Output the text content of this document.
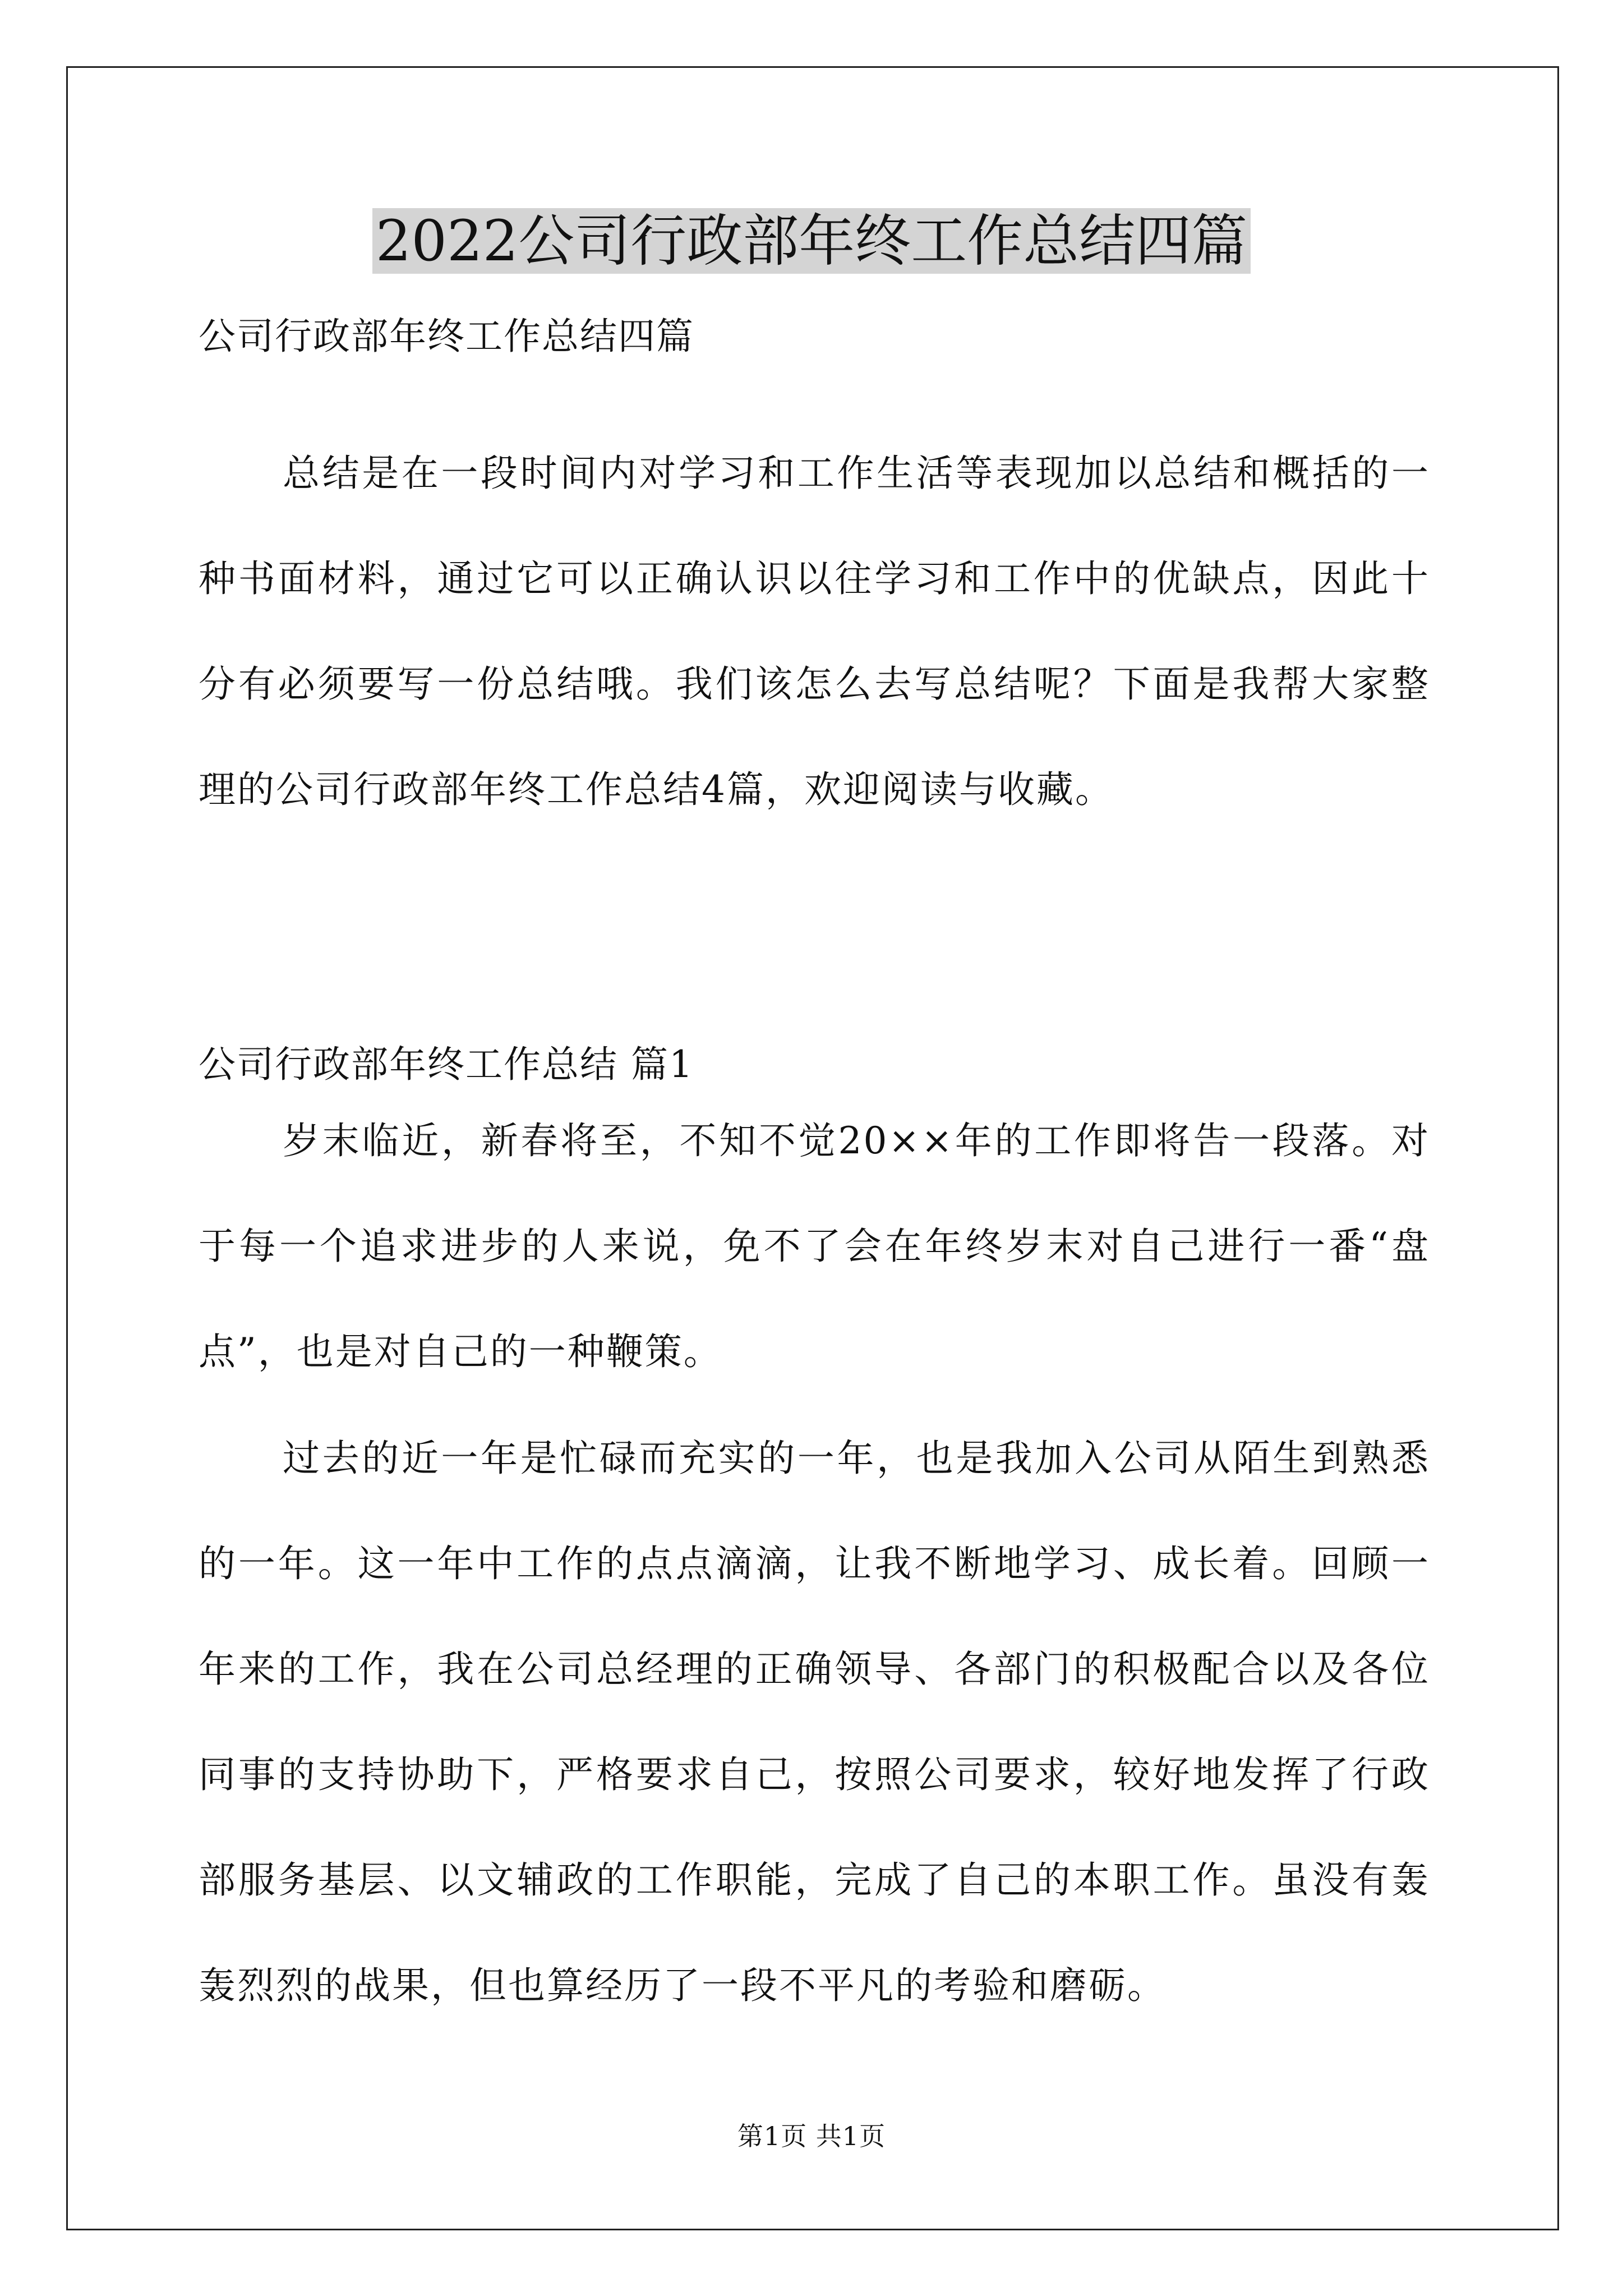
2022公司行政部年终工作总结四篇
公司行政部年终工作总结四篇

总结是在一段时间内对学习和工作生活等表现加以总结和概括的一种书面材料，通过它可以正确认识以往学习和工作中的优缺点，因此十分有必须要写一份总结哦。我们该怎么去写总结呢？下面是我帮大家整理的公司行政部年终工作总结4篇，欢迎阅读与收藏。

公司行政部年终工作总结 篇1

岁末临近，新春将至，不知不觉20××年的工作即将告一段落。对于每一个追求进步的人来说，免不了会在年终岁末对自己进行一番“盘点”，也是对自己的一种鞭策。

过去的近一年是忙碌而充实的一年，也是我加入公司从陌生到熟悉的一年。这一年中工作的点点滴滴，让我不断地学习、成长着。回顾一年来的工作，我在公司总经理的正确领导、各部门的积极配合以及各位同事的支持协助下，严格要求自己，按照公司要求，较好地发挥了行政部服务基层、以文辅政的工作职能，完成了自己的本职工作。虽没有轰轰烈烈的战果，但也算经历了一段不平凡的考验和磨砺。

第1页 共1页
